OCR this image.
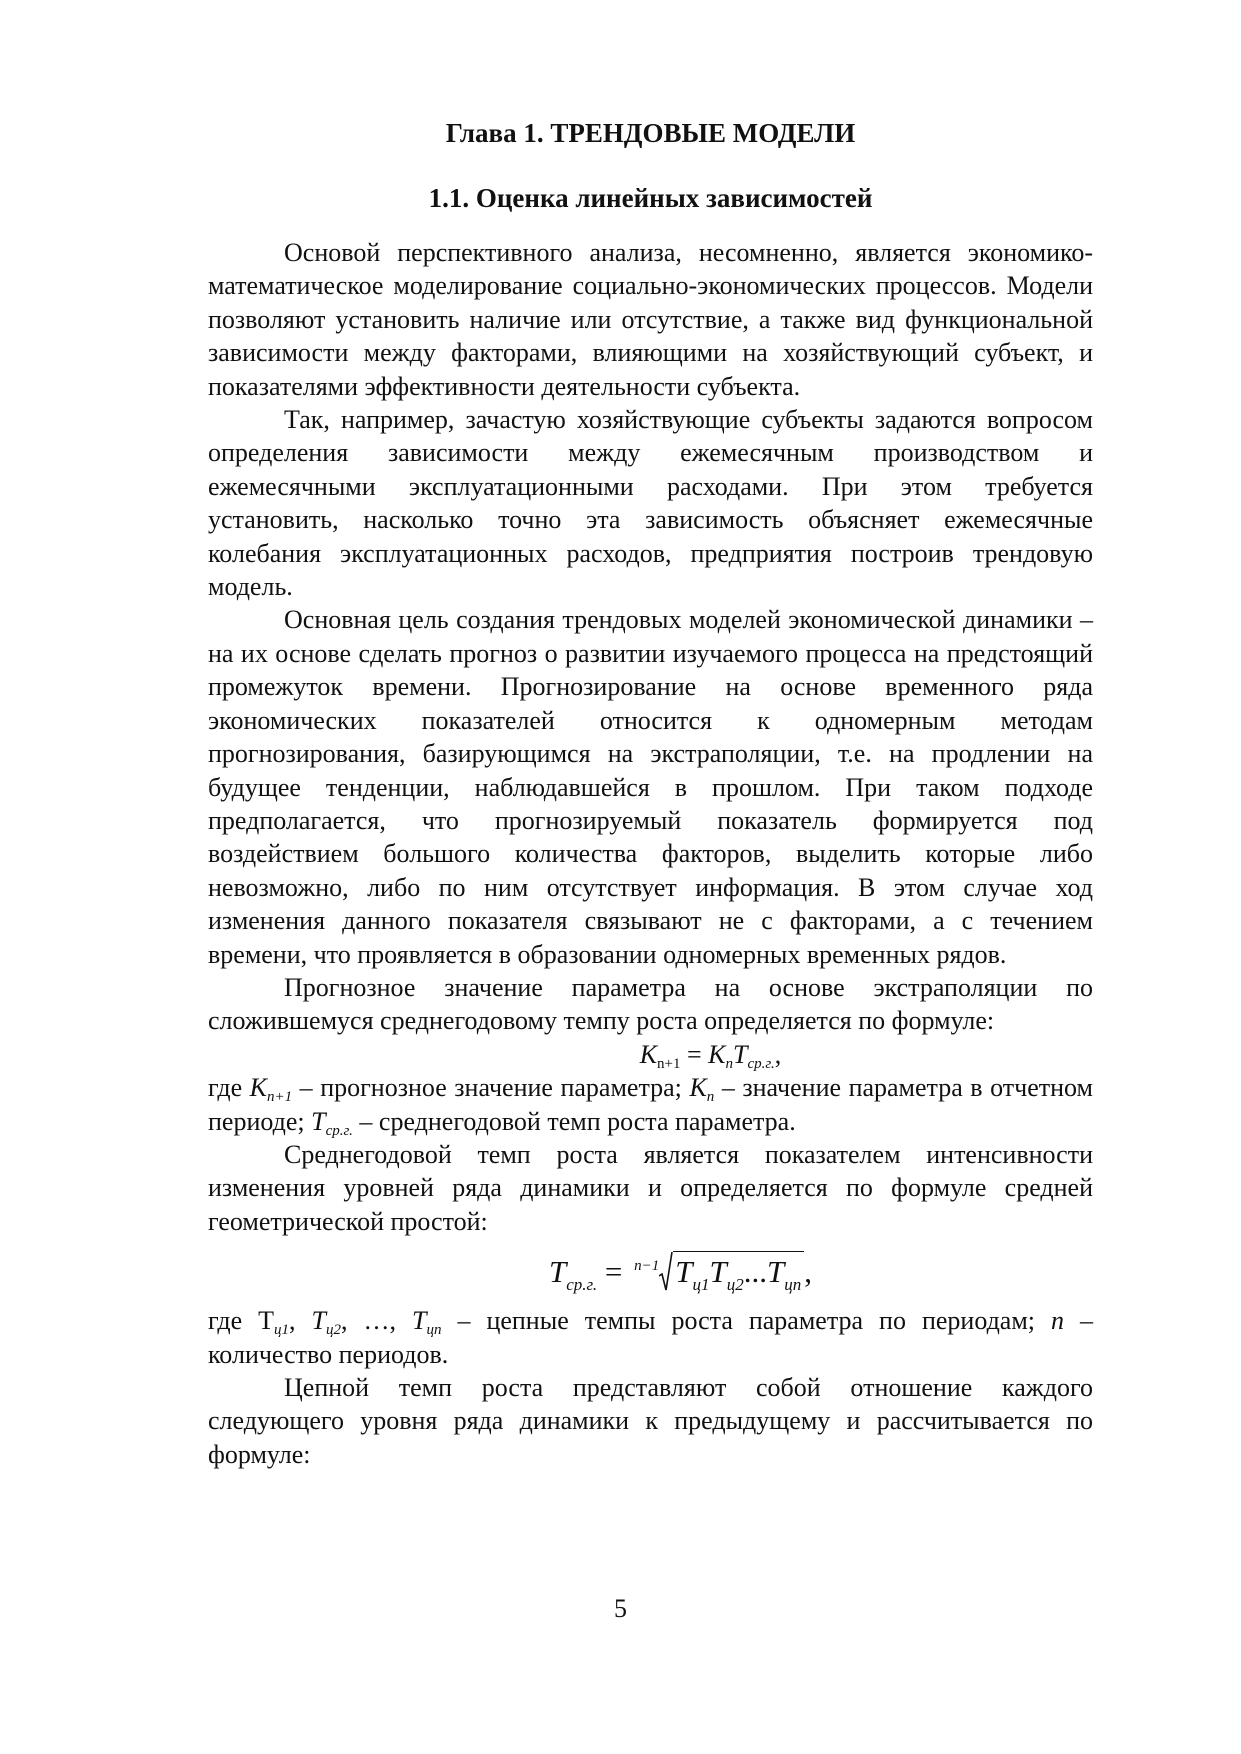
Глава 1. ТРЕНДОВЫЕ МОДЕЛИ
1.1. Оценка линейных зависимостей

Основой перспективного анализа, несомненно, является экономико-математическое моделирование социально-экономических процессов. Модели позволяют установить наличие или отсутствие, а также вид функциональной зависимости между факторами, влияющими на хозяйствующий субъект, и показателями эффективности деятельности субъекта.

Так, например, зачастую хозяйствующие субъекты задаются вопросом определения зависимости между ежемесячным производством и ежемесячными эксплуатационными расходами. При этом требуется установить, насколько точно эта зависимость объясняет ежемесячные колебания эксплуатационных расходов, предприятия построив трендовую модель.

Основная цель создания трендовых моделей экономической динамики – на их основе сделать прогноз о развитии изучаемого процесса на предстоящий промежуток времени. Прогнозирование на основе временного ряда экономических показателей относится к одномерным методам прогнозирования, базирующимся на экстраполяции, т.е. на продлении на будущее тенденции, наблюдавшейся в прошлом. При таком подходе предполагается, что прогнозируемый показатель формируется под воздействием большого количества факторов, выделить которые либо невозможно, либо по ним отсутствует информация. В этом случае ход изменения данного показателя связывают не с факторами, а с течением времени, что проявляется в образовании одномерных временных рядов.

Прогнозное значение параметра на основе экстраполяции по сложившемуся среднегодовому темпу роста определяется по формуле:

$K_{n+1} = K_nT_{ср.г.}$,

где $K_{n+1}$ – прогнозное значение параметра; $K_n$ – значение параметра в отчетном периоде; $T_{ср.г.}$ – среднегодовой темп роста параметра.

Среднегодовой темп роста является показателем интенсивности изменения уровней ряда динамики и определяется по формуле средней геометрической простой:

$T_{ср.г.} = ^{n-1}$ $T_{ц1}T_{ц2}...T_{цn}$,

где $Т_{ц1}$, $Т_{ц2}$, …, $Т_{цn}$ – цепные темпы роста параметра по периодам; n – количество периодов.

Цепной темп роста представляют собой отношение каждого следующего уровня ряда динамики к предыдущему и рассчитывается по формуле:

5
